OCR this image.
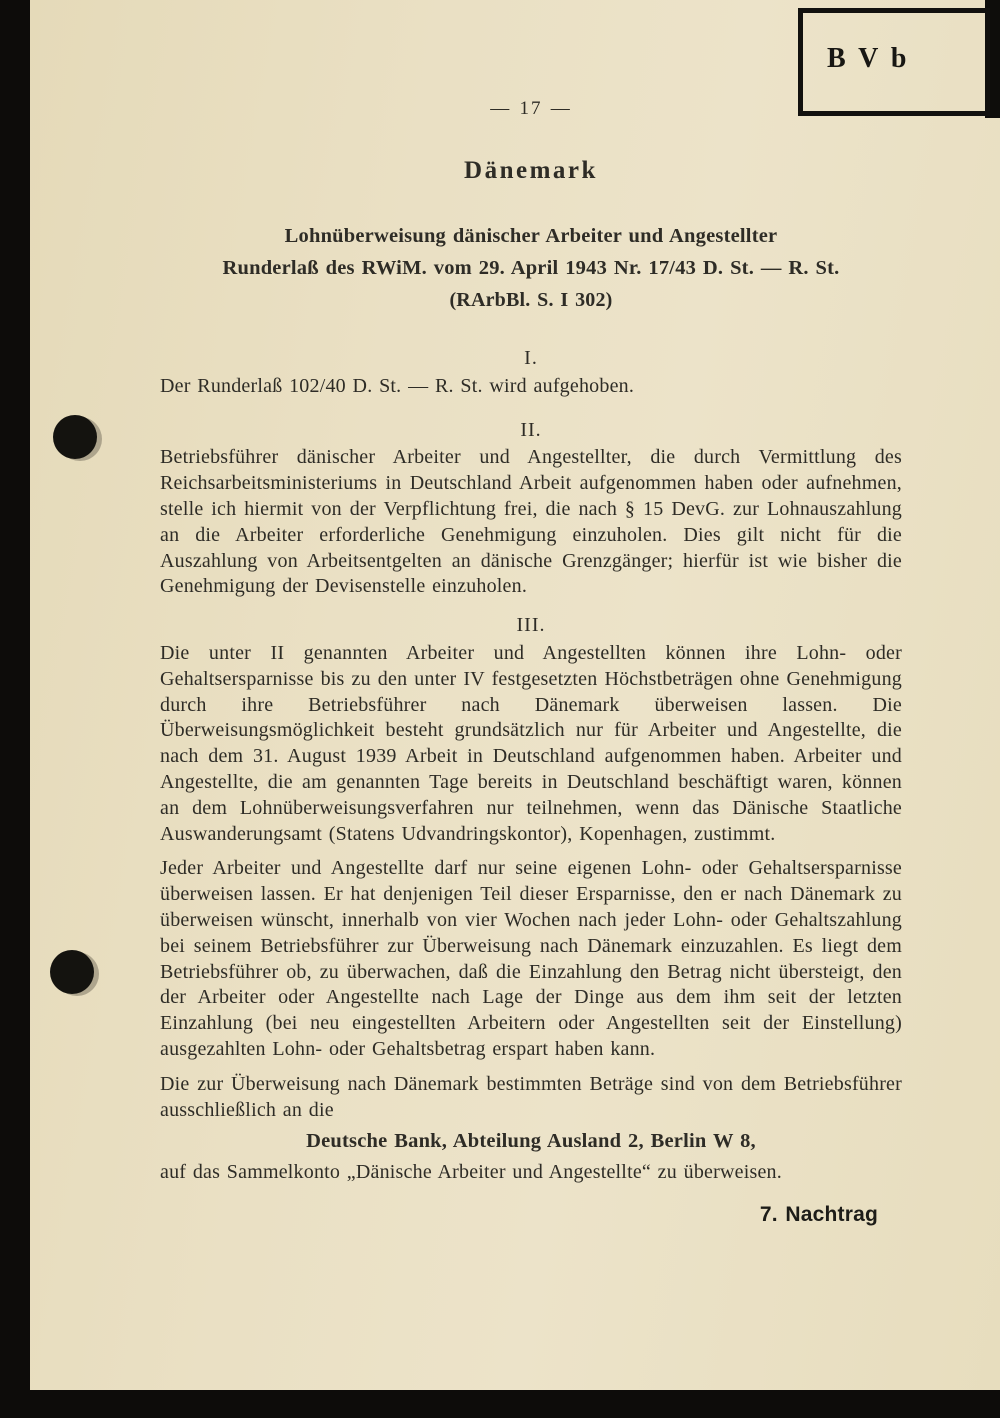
B V b
— 17 —
Dänemark
Lohnüberweisung dänischer Arbeiter und Angestellter
Runderlaß des RWiM. vom 29. April 1943 Nr. 17/43 D. St. — R. St.
(RArbBl. S. I 302)
I.
Der Runderlaß 102/40 D. St. — R. St. wird aufgehoben.
II.
Betriebsführer dänischer Arbeiter und Angestellter, die durch Vermittlung des Reichsarbeitsministeriums in Deutschland Arbeit aufgenommen haben oder aufnehmen, stelle ich hiermit von der Verpflichtung frei, die nach § 15 DevG. zur Lohnauszahlung an die Arbeiter erforderliche Genehmigung einzuholen. Dies gilt nicht für die Auszahlung von Arbeitsentgelten an dänische Grenzgänger; hierfür ist wie bisher die Genehmigung der Devisenstelle einzuholen.
III.
Die unter II genannten Arbeiter und Angestellten können ihre Lohn- oder Gehaltsersparnisse bis zu den unter IV festgesetzten Höchstbeträgen ohne Genehmigung durch ihre Betriebsführer nach Dänemark überweisen lassen. Die Überweisungsmöglichkeit besteht grundsätzlich nur für Arbeiter und Angestellte, die nach dem 31. August 1939 Arbeit in Deutschland aufgenommen haben. Arbeiter und Angestellte, die am genannten Tage bereits in Deutschland beschäftigt waren, können an dem Lohnüberweisungsverfahren nur teilnehmen, wenn das Dänische Staatliche Auswanderungsamt (Statens Udvandringskontor), Kopenhagen, zustimmt.
Jeder Arbeiter und Angestellte darf nur seine eigenen Lohn- oder Gehaltsersparnisse überweisen lassen. Er hat denjenigen Teil dieser Ersparnisse, den er nach Dänemark zu überweisen wünscht, innerhalb von vier Wochen nach jeder Lohn- oder Gehaltszahlung bei seinem Betriebsführer zur Überweisung nach Dänemark einzuzahlen. Es liegt dem Betriebsführer ob, zu überwachen, daß die Einzahlung den Betrag nicht übersteigt, den der Arbeiter oder Angestellte nach Lage der Dinge aus dem ihm seit der letzten Einzahlung (bei neu eingestellten Arbeitern oder Angestellten seit der Einstellung) ausgezahlten Lohn- oder Gehaltsbetrag erspart haben kann.
Die zur Überweisung nach Dänemark bestimmten Beträge sind von dem Betriebsführer ausschließlich an die
Deutsche Bank, Abteilung Ausland 2, Berlin W 8,
auf das Sammelkonto „Dänische Arbeiter und Angestellte“ zu überweisen.
7. Nachtrag
